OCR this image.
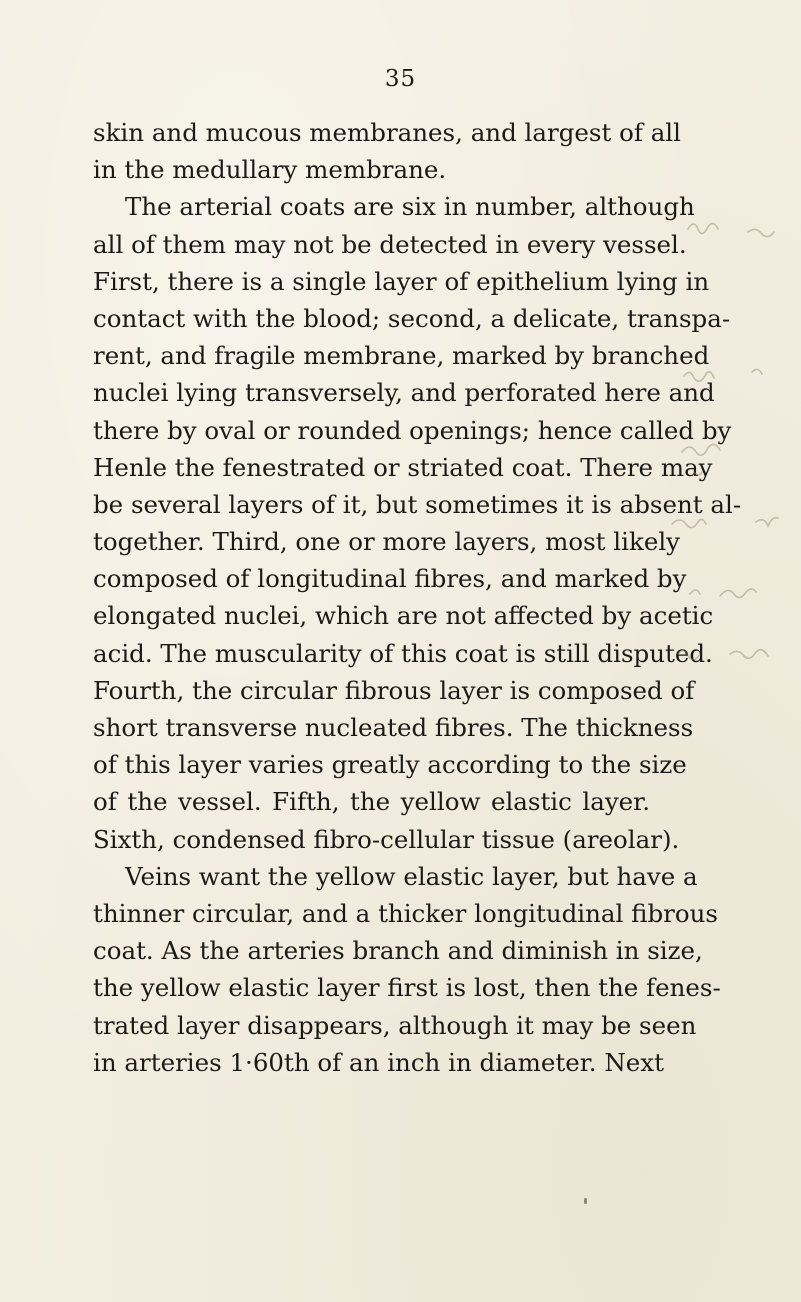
35
skin and mucous membranes, and largest of all
in the medullary membrane.
The arterial coats are six in number, although
all of them may not be detected in every vessel.
First, there is a single layer of epithelium lying in
contact with the blood; second, a delicate, transpa-
rent, and fragile membrane, marked by branched
nuclei lying transversely, and perforated here and
there by oval or rounded openings; hence called by
Henle the fenestrated or striated coat. There may
be several layers of it, but sometimes it is absent al-
together. Third, one or more layers, most likely
composed of longitudinal fibres, and marked by
elongated nuclei, which are not affected by acetic
acid. The muscularity of this coat is still disputed.
Fourth, the circular fibrous layer is composed of
short transverse nucleated fibres. The thickness
of this layer varies greatly according to the size
of the vessel. Fifth, the yellow elastic layer.
Sixth, condensed fibro-cellular tissue (areolar).
Veins want the yellow elastic layer, but have a
thinner circular, and a thicker longitudinal fibrous
coat. As the arteries branch and diminish in size,
the yellow elastic layer first is lost, then the fenes-
trated layer disappears, although it may be seen
in arteries 1·60th of an inch in diameter. Next
